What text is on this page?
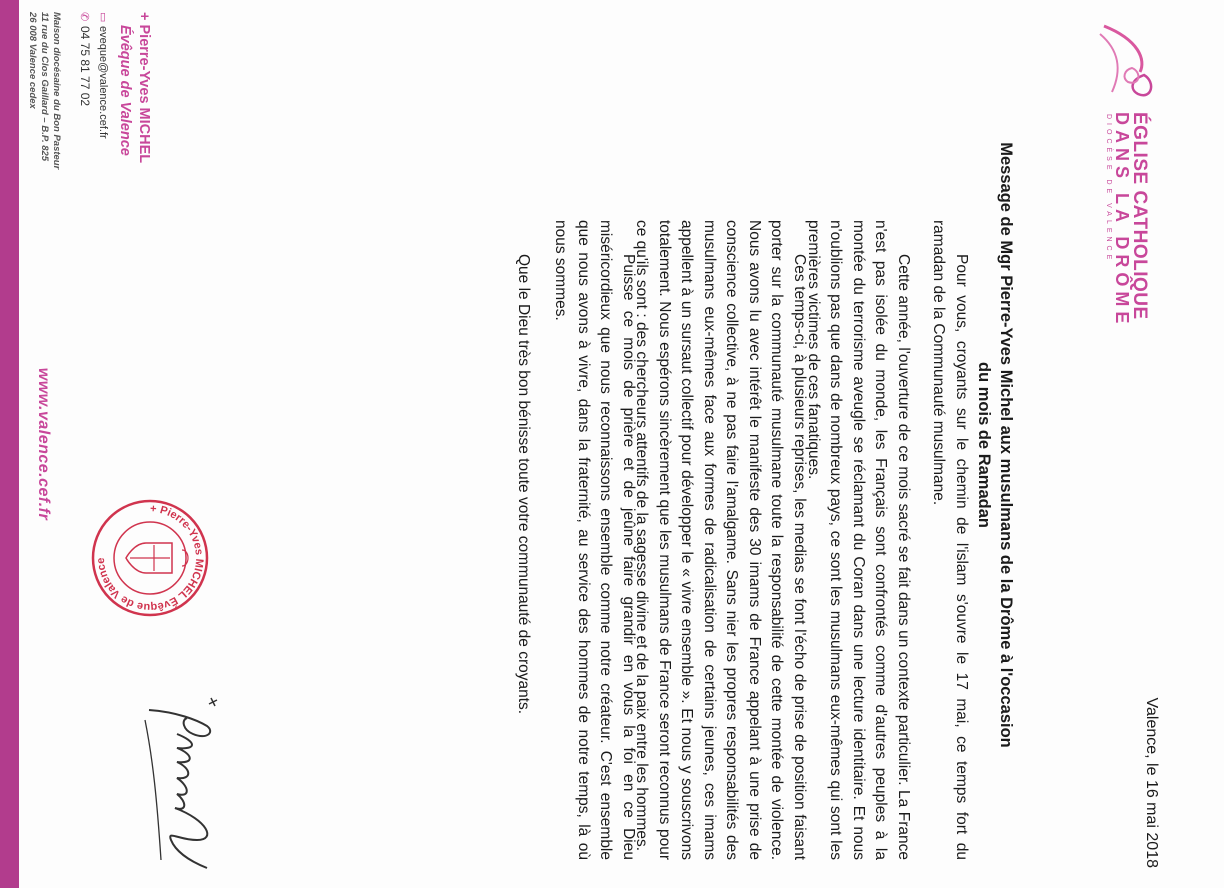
ÉGLISE CATHOLIQUE
DANS LA DRÔME
DIOCÈSE DE VALENCE
Valence, le 16 mai 2018
Message de Mgr Pierre-Yves Michel aux musulmans de la Drôme à l'occasion
du mois de Ramadan
Pour vous, croyants sur le chemin de l'islam s'ouvre le 17 mai, ce temps fort du ramadan de la Communauté musulmane.
Cette année, l'ouverture de ce mois sacré se fait dans un contexte particulier. La France n'est pas isolée du monde, les Français sont confrontés comme d'autres peuples à la montée du terrorisme aveugle se réclamant du Coran dans une lecture identitaire. Et nous n'oublions pas que dans de nombreux pays, ce sont les musulmans eux-mêmes qui sont les premières victimes de ces fanatiques.
Ces temps-ci, à plusieurs reprises, les medias se font l'écho de prise de position faisant porter sur la communauté musulmane toute la responsabilité de cette montée de violence. Nous avons lu avec intérêt le manifeste des 30 imams de France appelant à une prise de conscience collective, à ne pas faire l'amalgame. Sans nier les propres responsabilités des musulmans eux-mêmes face aux formes de radicalisation de certains jeunes, ces imams appellent à un sursaut collectif pour développer le « vivre ensemble ». Et nous y souscrivons totalement. Nous espérons sincèrement que les musulmans de France seront reconnus pour ce qu'ils sont : des chercheurs attentifs de la sagesse divine et de la paix entre les hommes.
Puisse ce mois de prière et de jeûne faire grandir en vous la foi en ce Dieu miséricordieux que nous reconnaissons ensemble comme notre créateur. C'est ensemble que nous avons à vivre, dans la fraternité, au service des hommes de notre temps, là où nous sommes.
Que le Dieu très bon bénisse toute votre communauté de croyants.
+ Pierre-Yves MICHEL Évêque de Valence
+ Pierre-Yves MICHEL
Évêque de Valence
▭eveque@valence.cef.fr
✆04 75 81 77 02
Maison diocésaine du Bon Pasteur
11 rue du Clos Gaillard – B.P. 825
26 008 Valence cedex
www.valence.cef.fr
